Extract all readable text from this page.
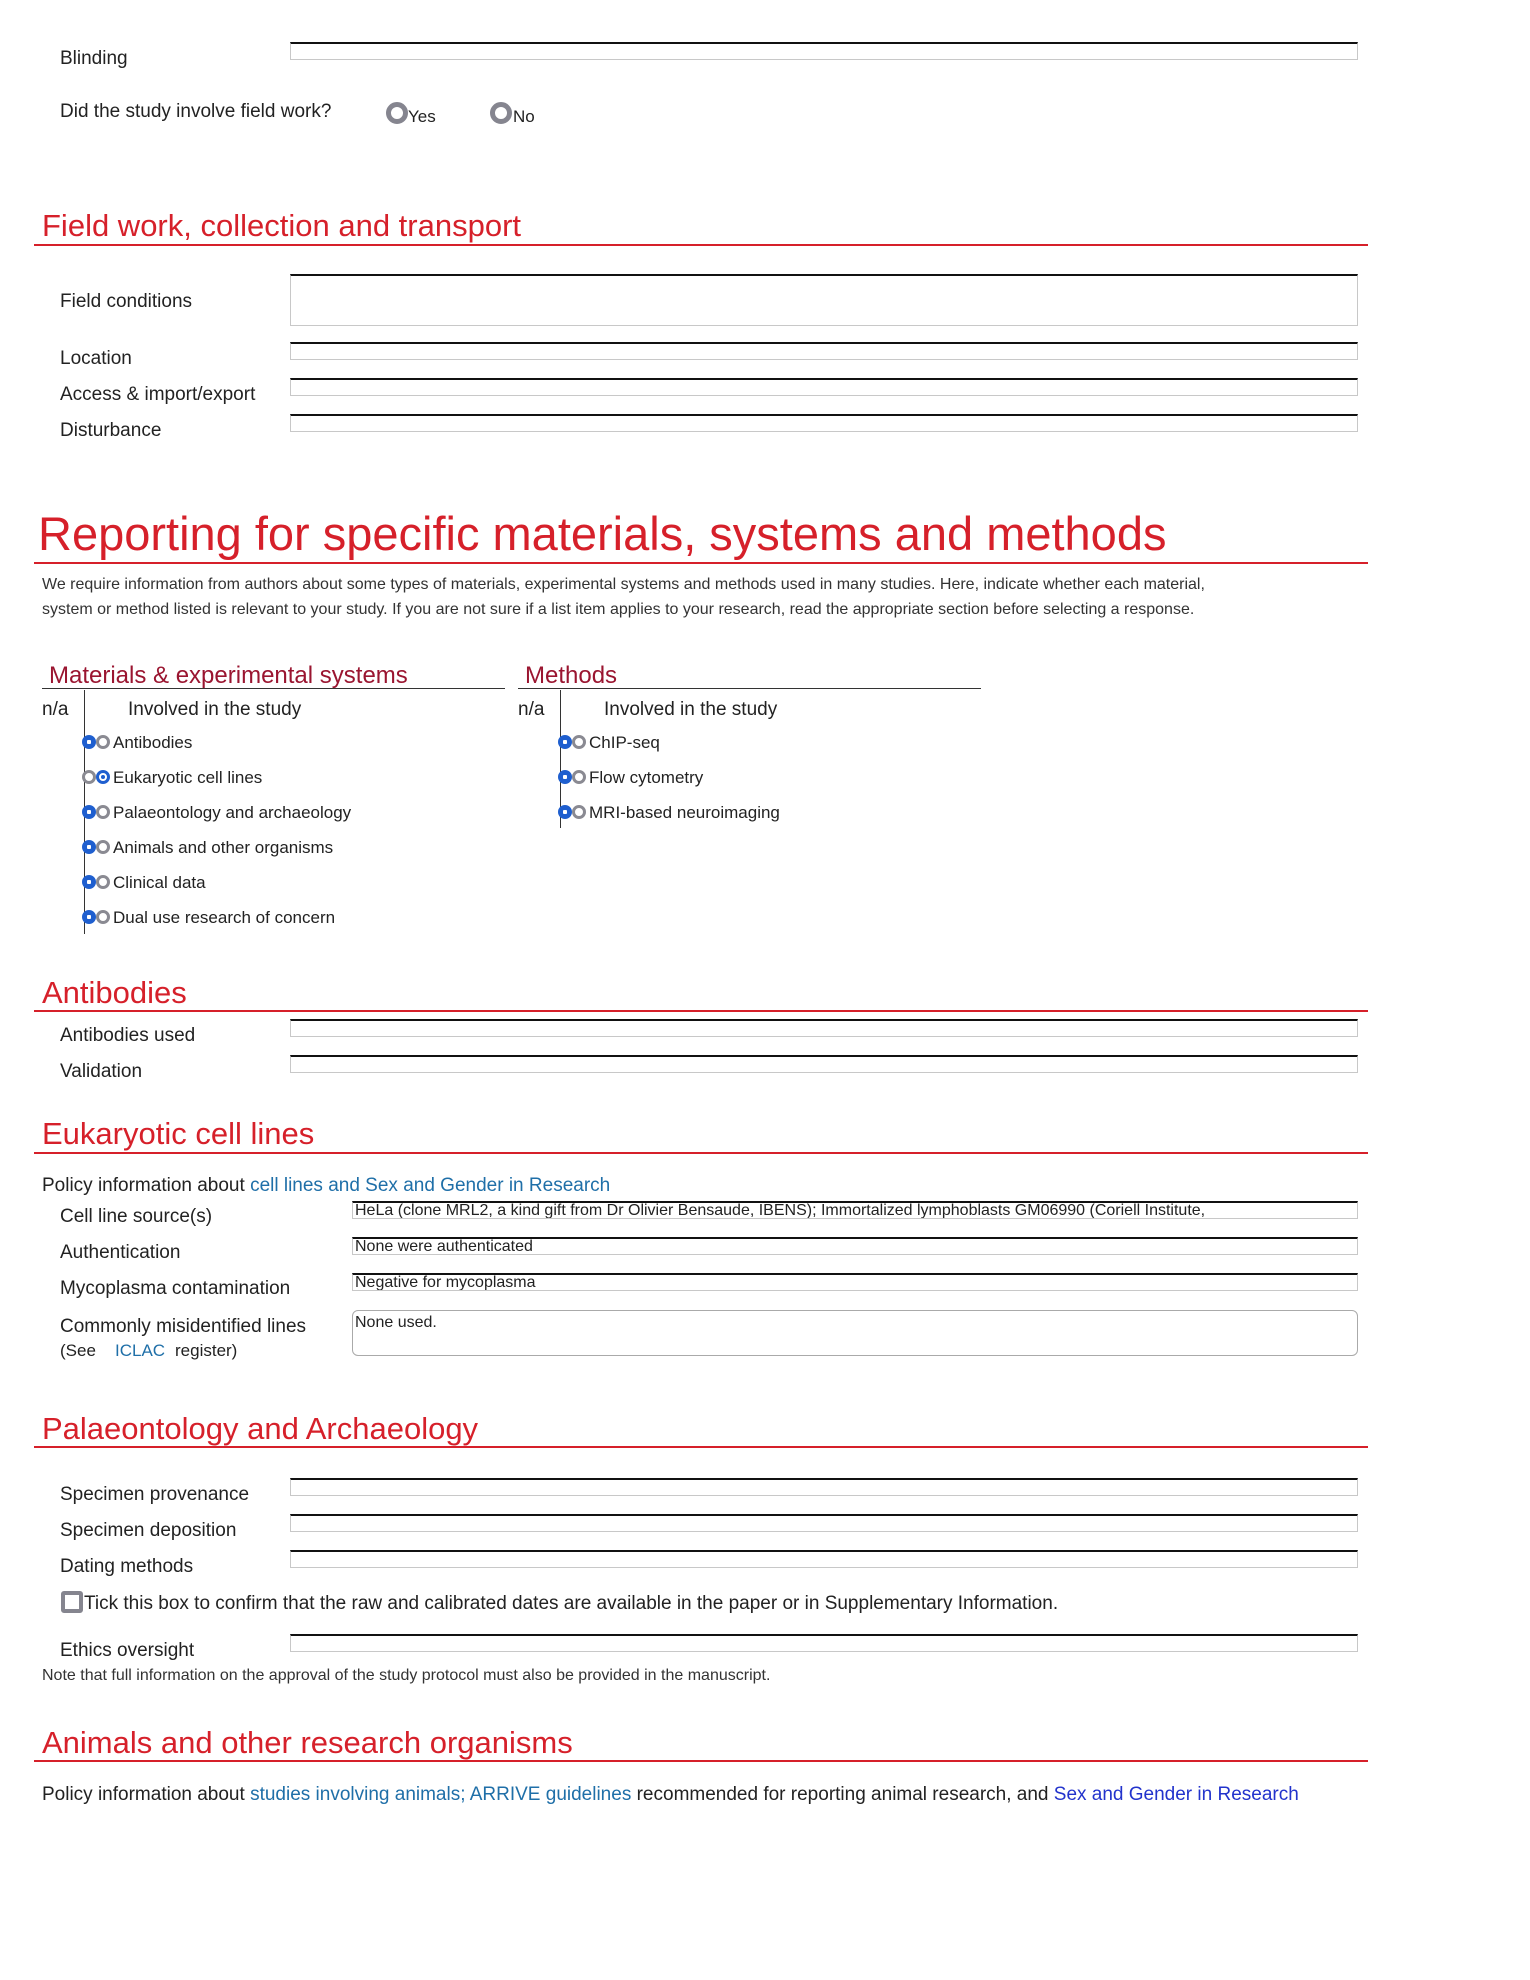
Blinding
Did the study involve field work?	Yes	No
Field work, collection and transport
Field conditions
Location
Access & import/export
Disturbance
Reporting for specific materials, systems and methods
We require information from authors about some types of materials, experimental systems and methods used in many studies. Here, indicate whether each material,
system or method listed is relevant to your study. If you are not sure if a list item applies to your research, read the appropriate section before selecting a response.
Materials & experimental systems
n/a	Involved in the study
Antibodies
Eukaryotic cell lines
Palaeontology and archaeology
Animals and other organisms
Clinical data
Dual use research of concern
Methods
n/a	Involved in the study
ChIP-seq
Flow cytometry
MRI-based neuroimaging
Antibodies
Antibodies used
Validation
Eukaryotic cell lines
Policy information about cell lines and Sex and Gender in Research
Cell line source(s)	HeLa (clone MRL2, a kind gift from Dr Olivier Bensaude, IBENS); Immortalized lymphoblasts GM06990 (Coriell Institute,
Authentication	None were authenticated
Mycoplasma contamination	Negative for mycoplasma
Commonly misidentified lines
(See ICLAC register)
None used.
Palaeontology and Archaeology
Specimen provenance
Specimen deposition
Dating methods
Tick this box to confirm that the raw and calibrated dates are available in the paper or in Supplementary Information.
Ethics oversight
Note that full information on the approval of the study protocol must also be provided in the manuscript.
Animals and other research organisms
Policy information about studies involving animals; ARRIVE guidelines recommended for reporting animal research, and Sex and Gender in Research
